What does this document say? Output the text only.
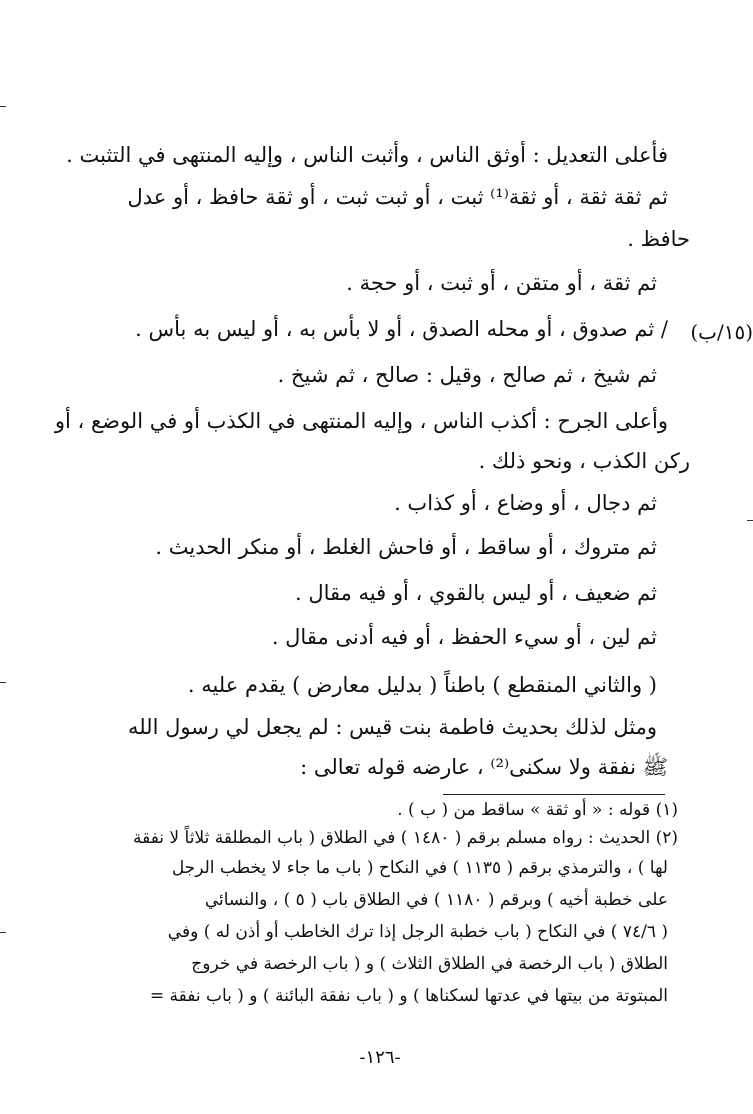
فأعلى التعديل : أوثق الناس ، وأثبت الناس ، وإليه المنتهى في التثبت .
ثم ثقة ثقة ، أو ثقة⁽¹⁾ ثبت ، أو ثبت ثبت ، أو ثقة حافظ ، أو عدل
حافظ .
ثم ثقة ، أو متقن ، أو ثبت ، أو حجة .
(١٥/ب)
/ ثم صدوق ، أو محله الصدق ، أو لا بأس به ، أو ليس به بأس .
ثم شيخ ، ثم صالح ، وقيل : صالح ، ثم شيخ .
وأعلى الجرح : أكذب الناس ، وإليه المنتهى في الكذب أو في الوضع ، أو
ركن الكذب ، ونحو ذلك .
ثم دجال ، أو وضاع ، أو كذاب .
ثم متروك ، أو ساقط ، أو فاحش الغلط ، أو منكر الحديث .
ثم ضعيف ، أو ليس بالقوي ، أو فيه مقال .
ثم لين ، أو سيء الحفظ ، أو فيه أدنى مقال .
( والثاني المنقطع ) باطناً ( بدليل معارض ) يقدم عليه .
ومثل لذلك بحديث فاطمة بنت قيس : لم يجعل لي رسول الله
ﷺ نفقة ولا سكنى⁽²⁾ ، عارضه قوله تعالى :
(١) قوله : « أو ثقة » ساقط من ( ب ) .
(٢) الحديث : رواه مسلم برقم ( ١٤٨٠ ) في الطلاق ( باب المطلقة ثلاثاً لا نفقة
لها ) ، والترمذي برقم ( ١١٣٥ ) في النكاح ( باب ما جاء لا يخطب الرجل
على خطبة أخيه ) وبرقم ( ١١٨٠ ) في الطلاق باب ( ٥ ) ، والنسائي
( ٧٤/٦ ) في النكاح ( باب خطبة الرجل إذا ترك الخاطب أو أذن له ) وفي
الطلاق ( باب الرخصة في الطلاق الثلاث ) و ( باب الرخصة في خروج
المبتوتة من بيتها في عدتها لسكناها ) و ( باب نفقة البائنة ) و ( باب نفقة =
-١٢٦-
